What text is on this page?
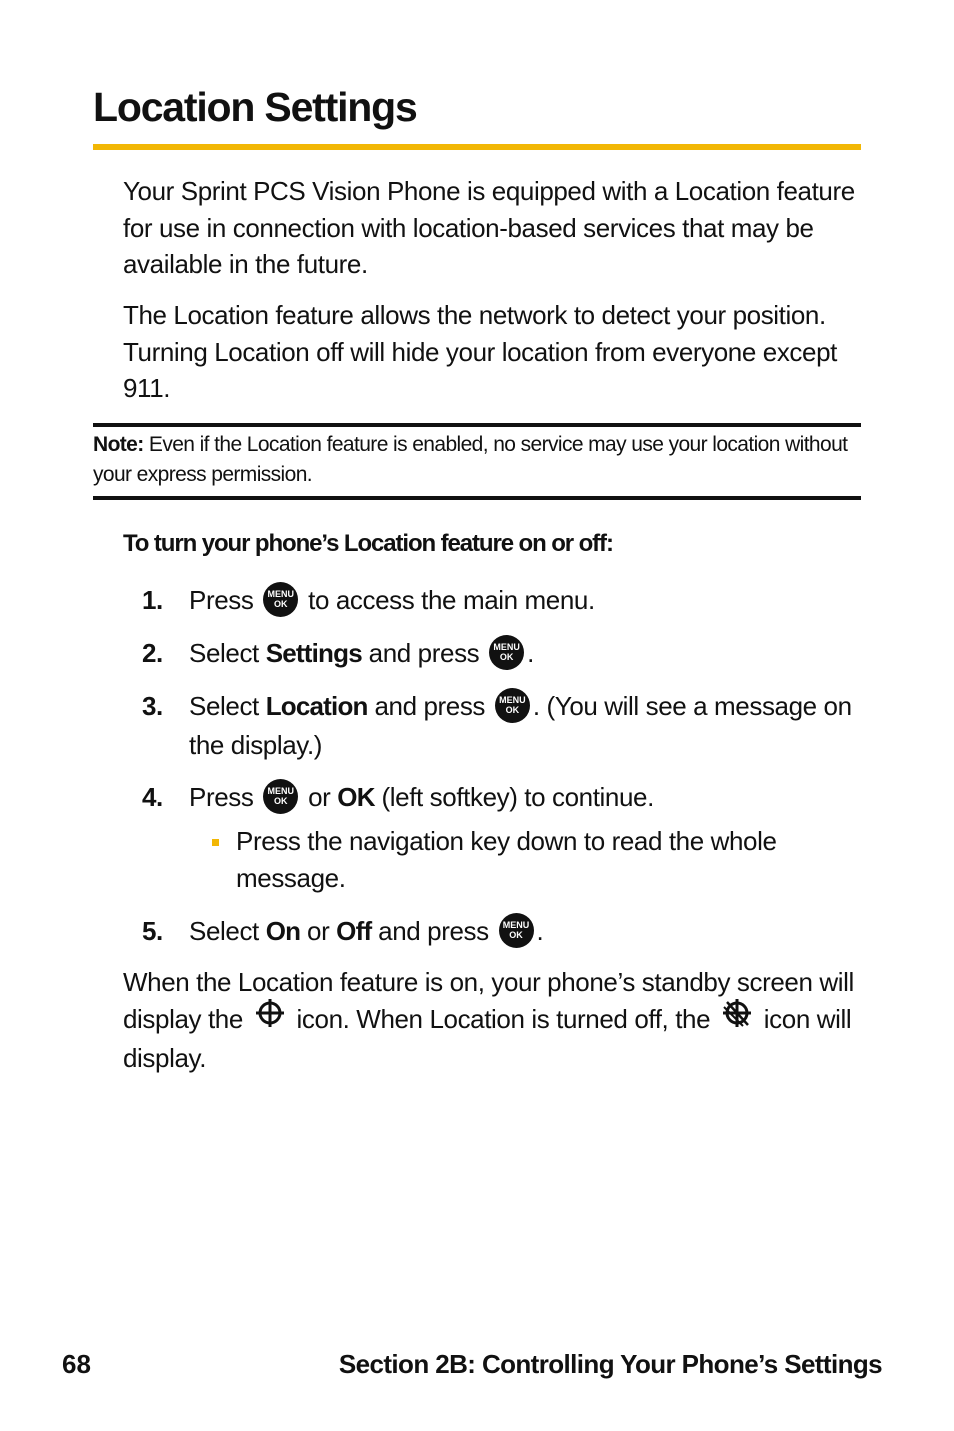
Location Settings

Your Sprint PCS Vision Phone is equipped with a Location feature for use in connection with location-based services that may be available in the future.

The Location feature allows the network to detect your position. Turning Location off will hide your location from everyone except 911.

Note: Even if the Location feature is enabled, no service may use your location without your express permission.
To turn your phone’s Location feature on or off:
1. Press MENU
OK to access the main menu.
2. Select Settings and press MENU
OK .
3. Select Location and press MENU
OK . (You will see a message on the display.)
4. Press MENU
OK or OK (left softkey) to continue.
Press the navigation key down to read the whole message.
5. Select On or Off and press MENU
OK .

When the Location feature is on, your phone’s standby screen will display the  icon. When Location is turned off, the  icon will display.

68	Section 2B: Controlling Your Phone’s Settings
